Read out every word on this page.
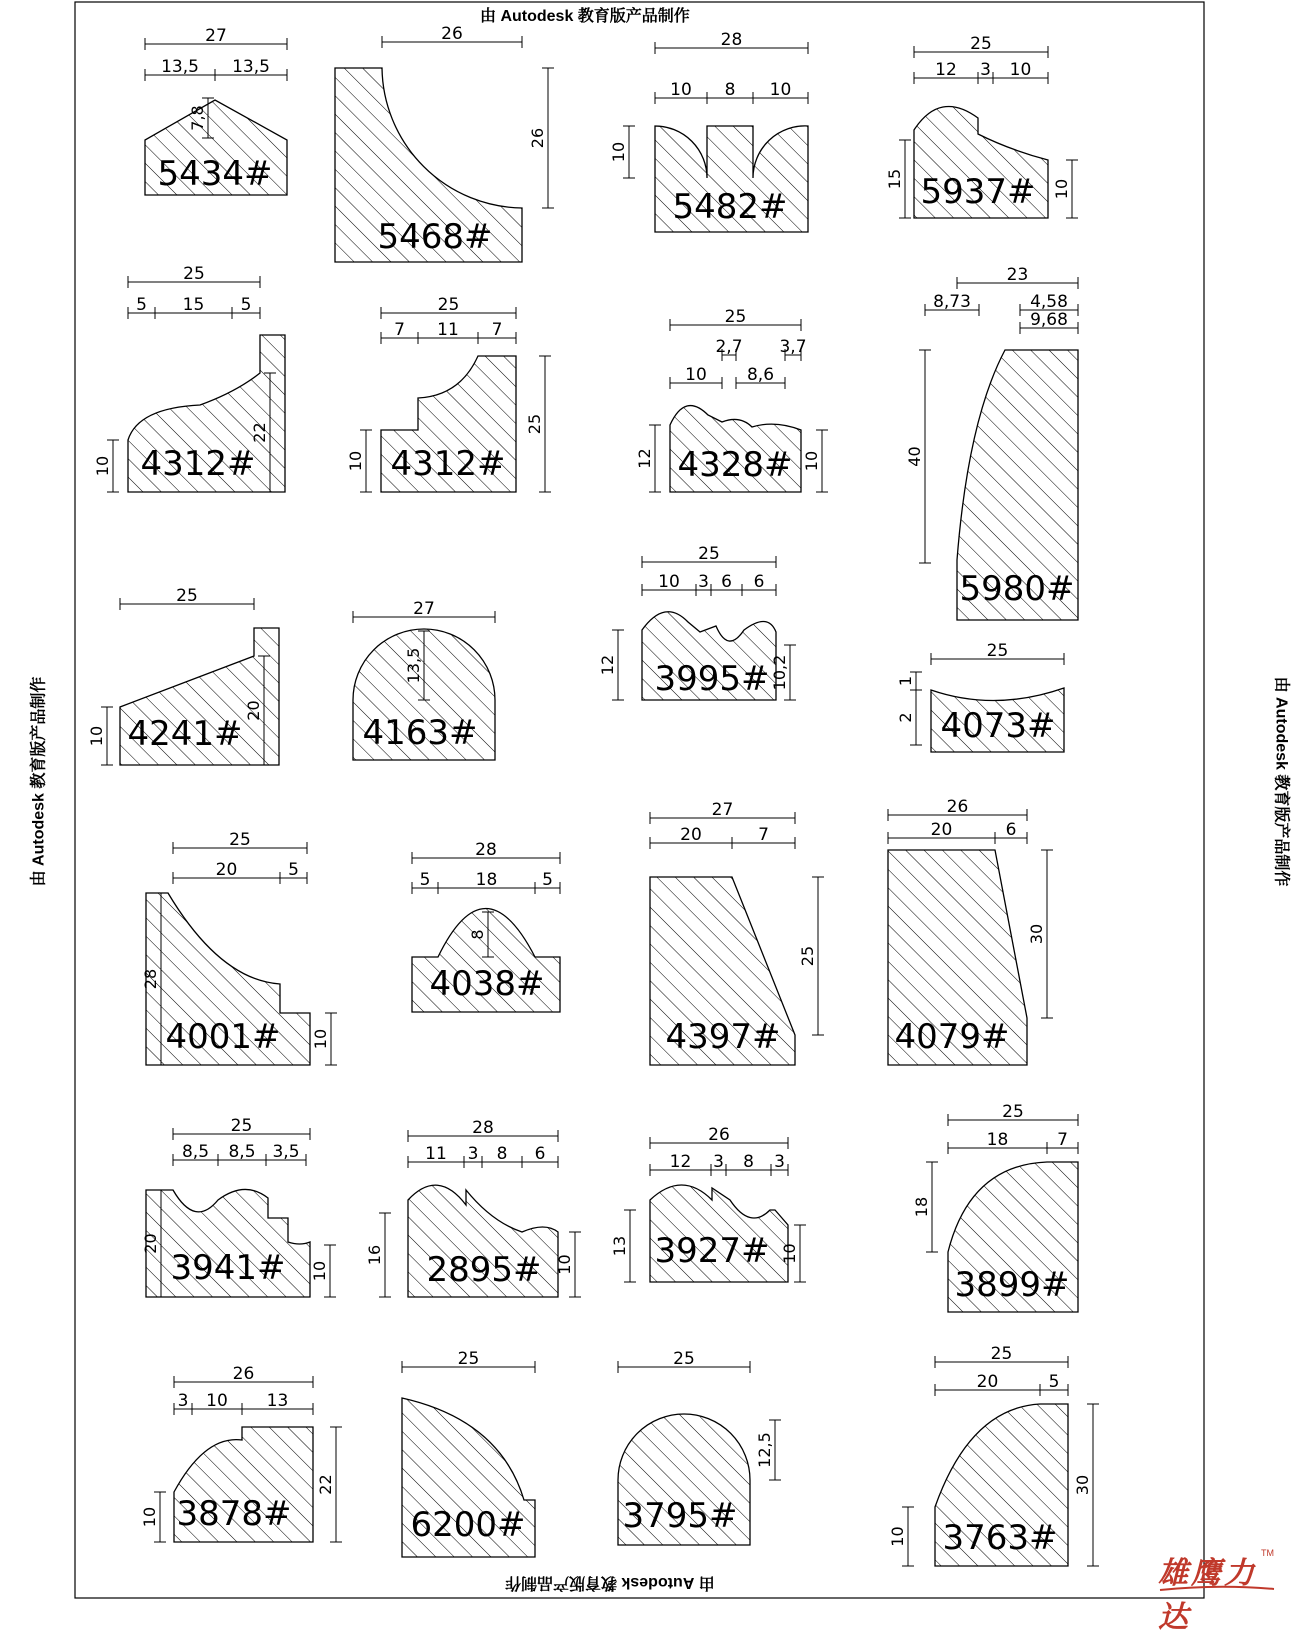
由 Autodesk 教育版产品制作
由 Autodesk 教育版产品制作
由 Autodesk 教育版产品制作	由 Autodesk 教育版产品制作
5434#
27
13,5 13,5
7,8
5468#
26
26
5482#
28
10 8 10
10
5937#
25
12 3 10
15	10
4312#
25
5 15 5
10
22
4312#
25
7 11 7
10
25
4328#
25
2,7 3,7
10 8,6
12	10
5980#
23
8,73	4,58
9,68
40
4241#
25
10
20
4163#
27
13,5	3995#
25
10 3 6 6
12	10,2
4073#
25
1
2
4001#
25
20	5
28
10
4038#
28
5	18	5
8
4397#
27
20	7
25
4079#
26
20	6
30
3941#
25
8,5 8,5 3,5
20
10	2895#
28
11 3 8 6
16	10 3927#
26
12 3 8 3
13	10
3899#
25
18	7
18
3878#
26
3 10 13
10
22
6200#
25
3795#
25
12,5
3763#
25
20	5
10
30
雄鹰力达
TM
